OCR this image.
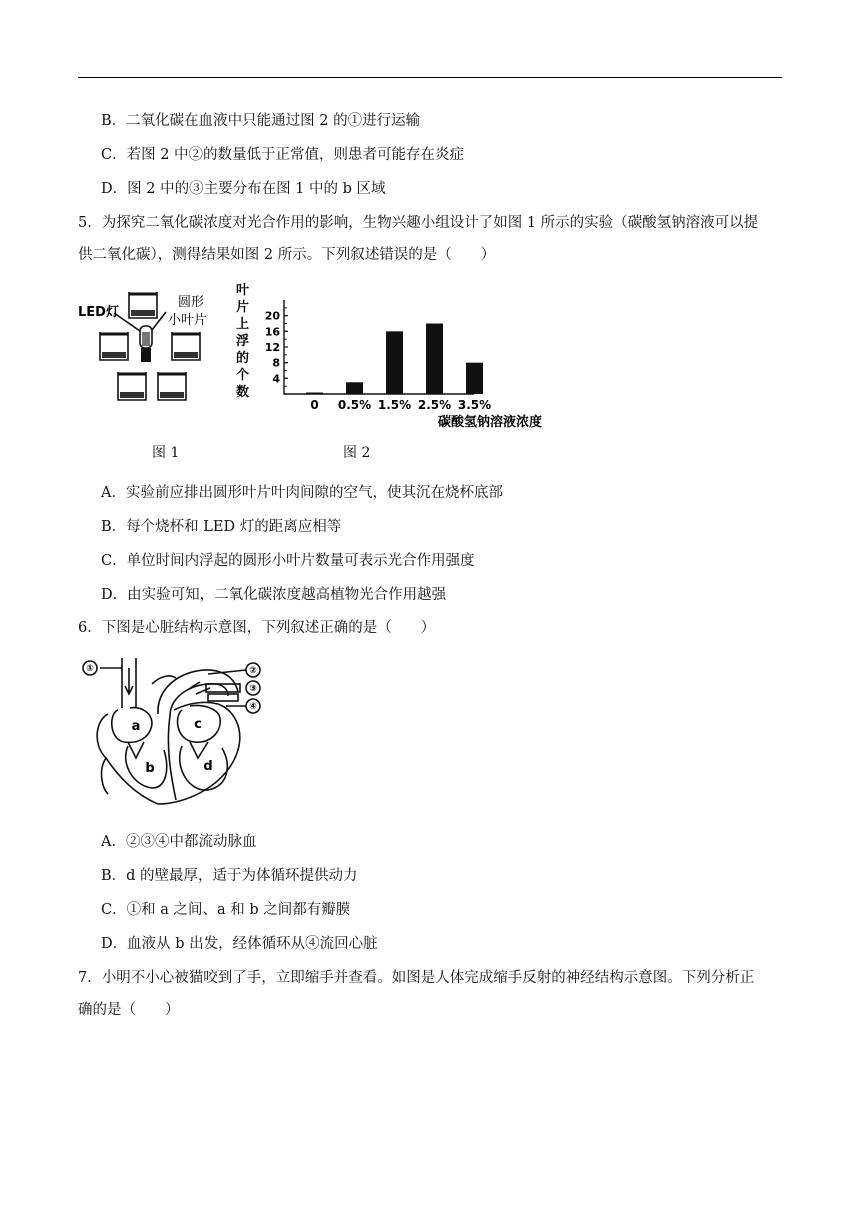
B．二氧化碳在血液中只能通过图 2 的①进行运输
C．若图 2 中②的数量低于正常值，则患者可能存在炎症
D．图 2 中的③主要分布在图 1 中的 b 区域
5．为探究二氧化碳浓度对光合作用的影响，生物兴趣小组设计了如图 1 所示的实验（碳酸氢钠溶液可以提
供二氧化碳），测得结果如图 2 所示。下列叙述错误的是（　　）
LED灯
圆形
小叶片
叶
片
上
浮
的
个
数
4
8
12
16
20
0 0.5% 1.5% 2.5% 3.5%
碳酸氢钠溶液浓度
图 1	图 2
A．实验前应排出圆形叶片叶肉间隙的空气，使其沉在烧杯底部
B．每个烧杯和 LED 灯的距离应相等
C．单位时间内浮起的圆形小叶片数量可表示光合作用强度
D．由实验可知，二氧化碳浓度越高植物光合作用越强
6．下图是心脏结构示意图，下列叙述正确的是（　　）
①	②
③
④
a
b
c
d
A．②③④中都流动脉血
B．d 的壁最厚，适于为体循环提供动力
C．①和 a 之间、a 和 b 之间都有瓣膜
D．血液从 b 出发，经体循环从④流回心脏
7．小明不小心被猫咬到了手，立即缩手并查看。如图是人体完成缩手反射的神经结构示意图。下列分析正
确的是（　　）
